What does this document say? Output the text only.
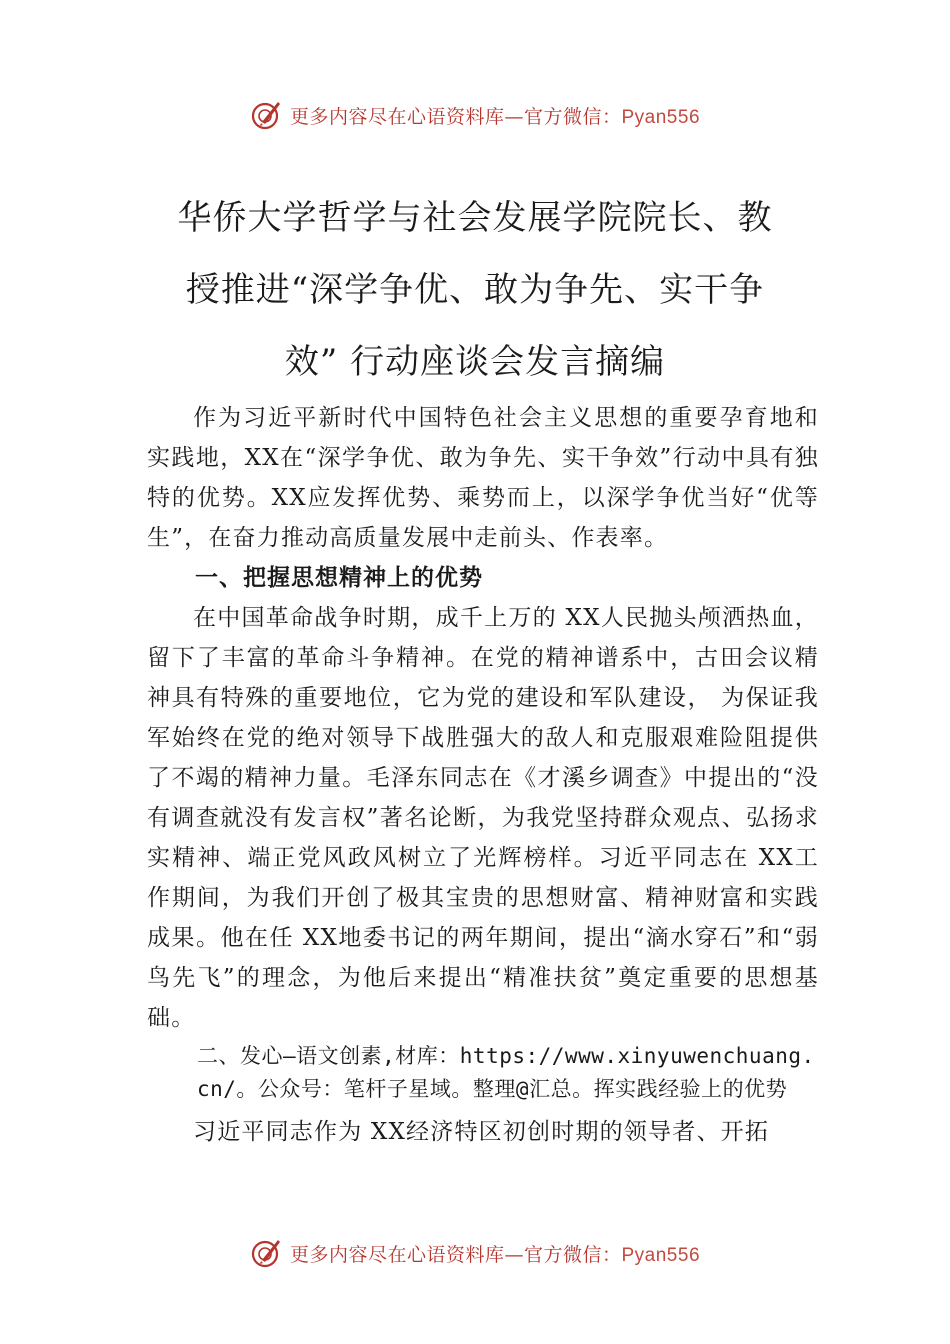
更多内容尽在心语资料库—官方微信：Pyan556
华侨大学哲学与社会发展学院院长、教
授推进“深学争优、敢为争先、实干争
效” 行动座谈会发言摘编

作为习近平新时代中国特色社会主义思想的重要孕育地和实践地，XX在“深学争优、敢为争先、实干争效”行动中具有独特的优势。XX应发挥优势、乘势而上，以深学争优当好“优等生”，在奋力推动高质量发展中走前头、作表率。

一、把握思想精神上的优势

在中国革命战争时期，成千上万的 XX人民抛头颅洒热血，留下了丰富的革命斗争精神。在党的精神谱系中，古田会议精神具有特殊的重要地位，它为党的建设和军队建设， 为保证我军始终在党的绝对领导下战胜强大的敌人和克服艰难险阻提供了不竭的精神力量。毛泽东同志在《才溪乡调查》中提出的“没有调查就没有发言权”著名论断，为我党坚持群众观点、弘扬求实精神、端正党风政风树立了光辉榜样。习近平同志在 XX工作期间，为我们开创了极其宝贵的思想财富、精神财富和实践成果。他在任 XX地委书记的两年期间，提出“滴水穿石”和“弱鸟先飞”的理念，为他后来提出“精准扶贫”奠定重要的思想基础。

二、发心—语文创素,材库：https://www.xinyuwenchuang.cn/。公众号：笔杆子星域。整理@汇总。挥实践经验上的优势

习近平同志作为 XX经济特区初创时期的领导者、开拓

更多内容尽在心语资料库—官方微信：Pyan556
